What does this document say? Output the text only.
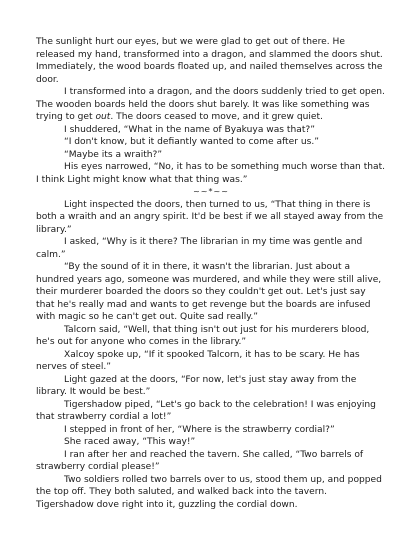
The sunlight hurt our eyes, but we were glad to get out of there. He released my hand, transformed into a dragon, and slammed the doors shut. Immediately, the wood boards floated up, and nailed themselves across the door.

I transformed into a dragon, and the doors suddenly tried to get open. The wooden boards held the doors shut barely. It was like something was trying to get out. The doors ceased to move, and it grew quiet.

I shuddered, “What in the name of Byakuya was that?”

“I don't know, but it defiantly wanted to come after us.”

“Maybe its a wraith?”

His eyes narrowed, “No, it has to be something much worse than that. I think Light might know what that thing was.”

~~*~~

Light inspected the doors, then turned to us, “That thing in there is both a wraith and an angry spirit. It'd be best if we all stayed away from the library.”

I asked, “Why is it there? The librarian in my time was gentle and calm.”

“By the sound of it in there, it wasn't the librarian. Just about a hundred years ago, someone was murdered, and while they were still alive, their murderer boarded the doors so they couldn't get out. Let's just say that he's really mad and wants to get revenge but the boards are infused with magic so he can't get out. Quite sad really.”

Talcorn said, “Well, that thing isn't out just for his murderers blood, he's out for anyone who comes in the library.”

Xalcoy spoke up, “If it spooked Talcorn, it has to be scary. He has nerves of steel.”

Light gazed at the doors, “For now, let's just stay away from the library. It would be best.”

Tigershadow piped, “Let's go back to the celebration! I was enjoying that strawberry cordial a lot!”

I stepped in front of her, “Where is the strawberry cordial?”

She raced away, “This way!”

I ran after her and reached the tavern. She called, “Two barrels of strawberry cordial please!”

Two soldiers rolled two barrels over to us, stood them up, and popped the top off. They both saluted, and walked back into the tavern. Tigershadow dove right into it, guzzling the cordial down.
